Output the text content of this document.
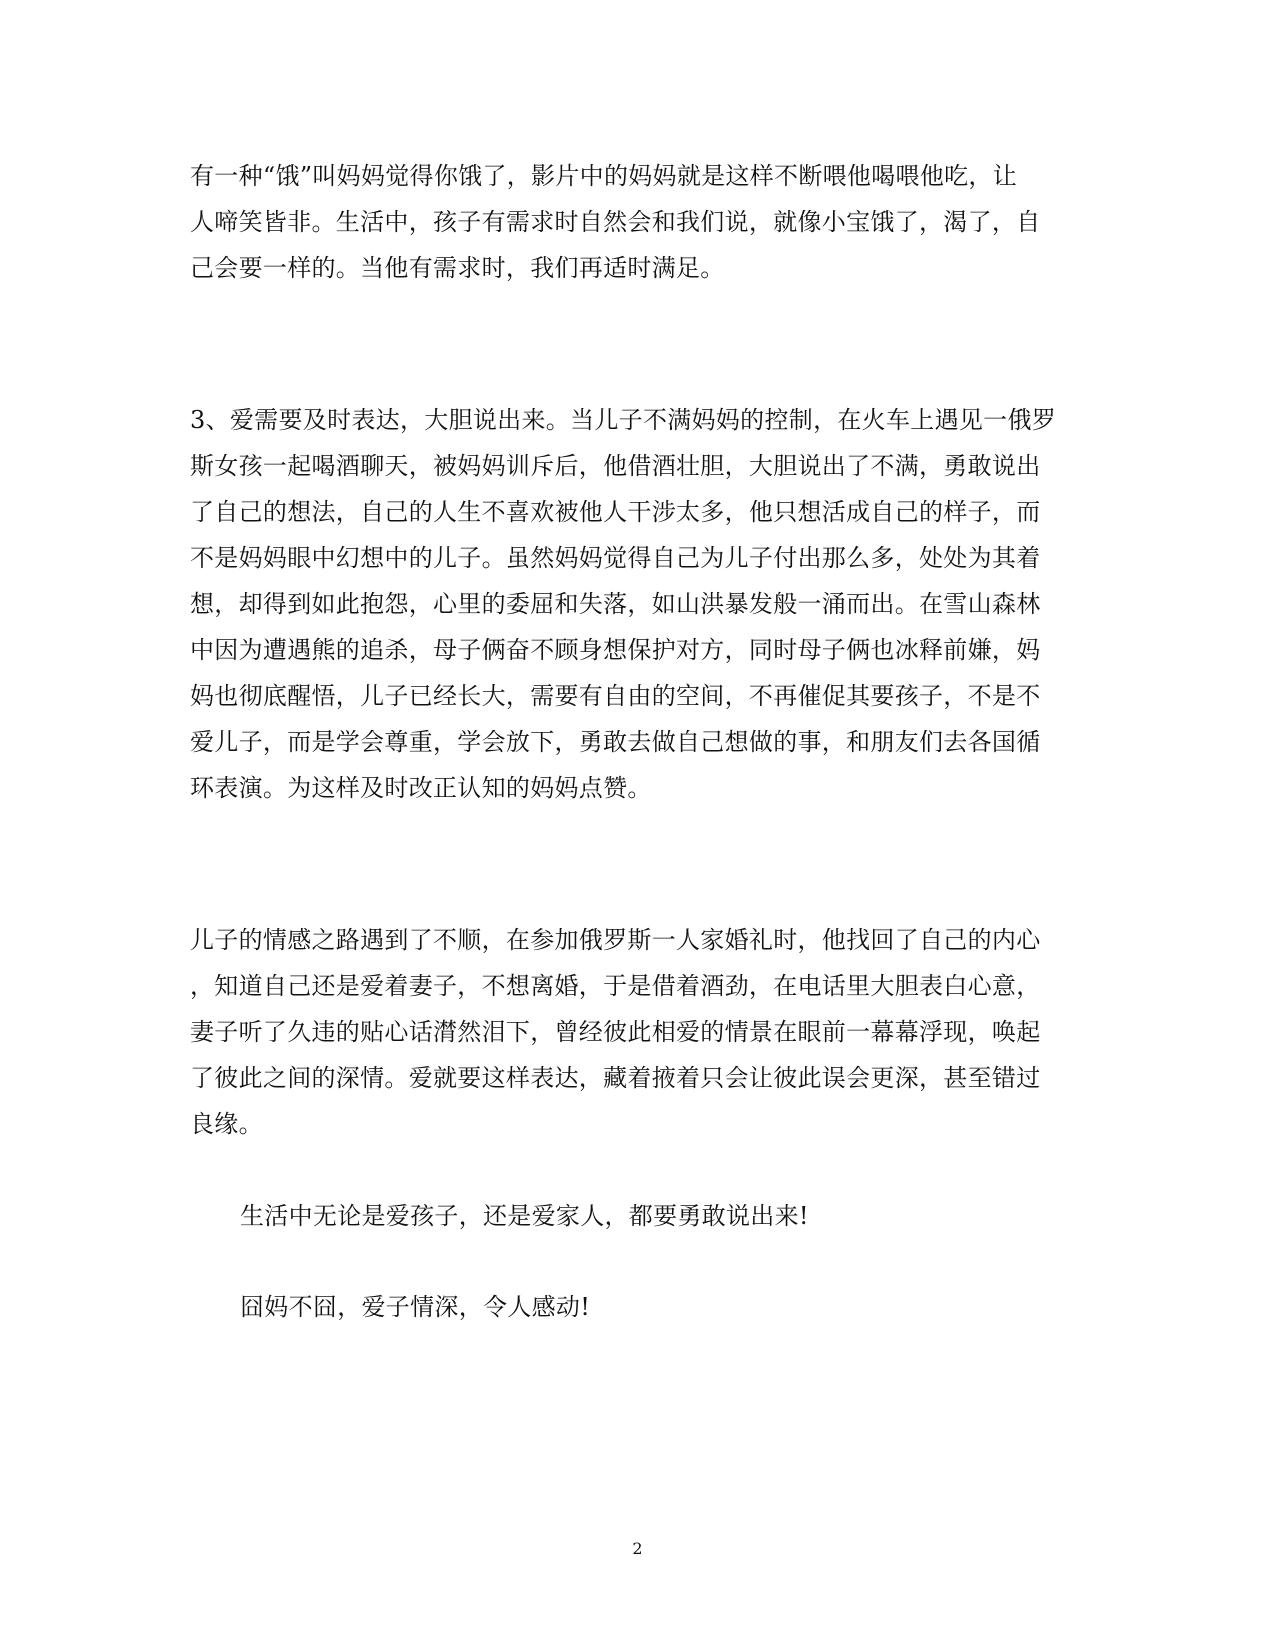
有一种“饿”叫妈妈觉得你饿了，影片中的妈妈就是这样不断喂他喝喂他吃，让
人啼笑皆非。生活中，孩子有需求时自然会和我们说，就像小宝饿了，渴了，自
己会要一样的。当他有需求时，我们再适时满足。
3、爱需要及时表达，大胆说出来。当儿子不满妈妈的控制，在火车上遇见一俄罗
斯女孩一起喝酒聊天，被妈妈训斥后，他借酒壮胆，大胆说出了不满，勇敢说出
了自己的想法，自己的人生不喜欢被他人干涉太多，他只想活成自己的样子，而
不是妈妈眼中幻想中的儿子。虽然妈妈觉得自己为儿子付出那么多，处处为其着
想，却得到如此抱怨，心里的委屈和失落，如山洪暴发般一涌而出。在雪山森林
中因为遭遇熊的追杀，母子俩奋不顾身想保护对方，同时母子俩也冰释前嫌，妈
妈也彻底醒悟，儿子已经长大，需要有自由的空间，不再催促其要孩子，不是不
爱儿子，而是学会尊重，学会放下，勇敢去做自己想做的事，和朋友们去各国循
环表演。为这样及时改正认知的妈妈点赞。
儿子的情感之路遇到了不顺，在参加俄罗斯一人家婚礼时，他找回了自己的内心
，知道自己还是爱着妻子，不想离婚，于是借着酒劲，在电话里大胆表白心意，
妻子听了久违的贴心话潸然泪下，曾经彼此相爱的情景在眼前一幕幕浮现，唤起
了彼此之间的深情。爱就要这样表达，藏着掖着只会让彼此误会更深，甚至错过
良缘。
生活中无论是爱孩子，还是爱家人，都要勇敢说出来!
囧妈不囧，爱子情深，令人感动!
2
